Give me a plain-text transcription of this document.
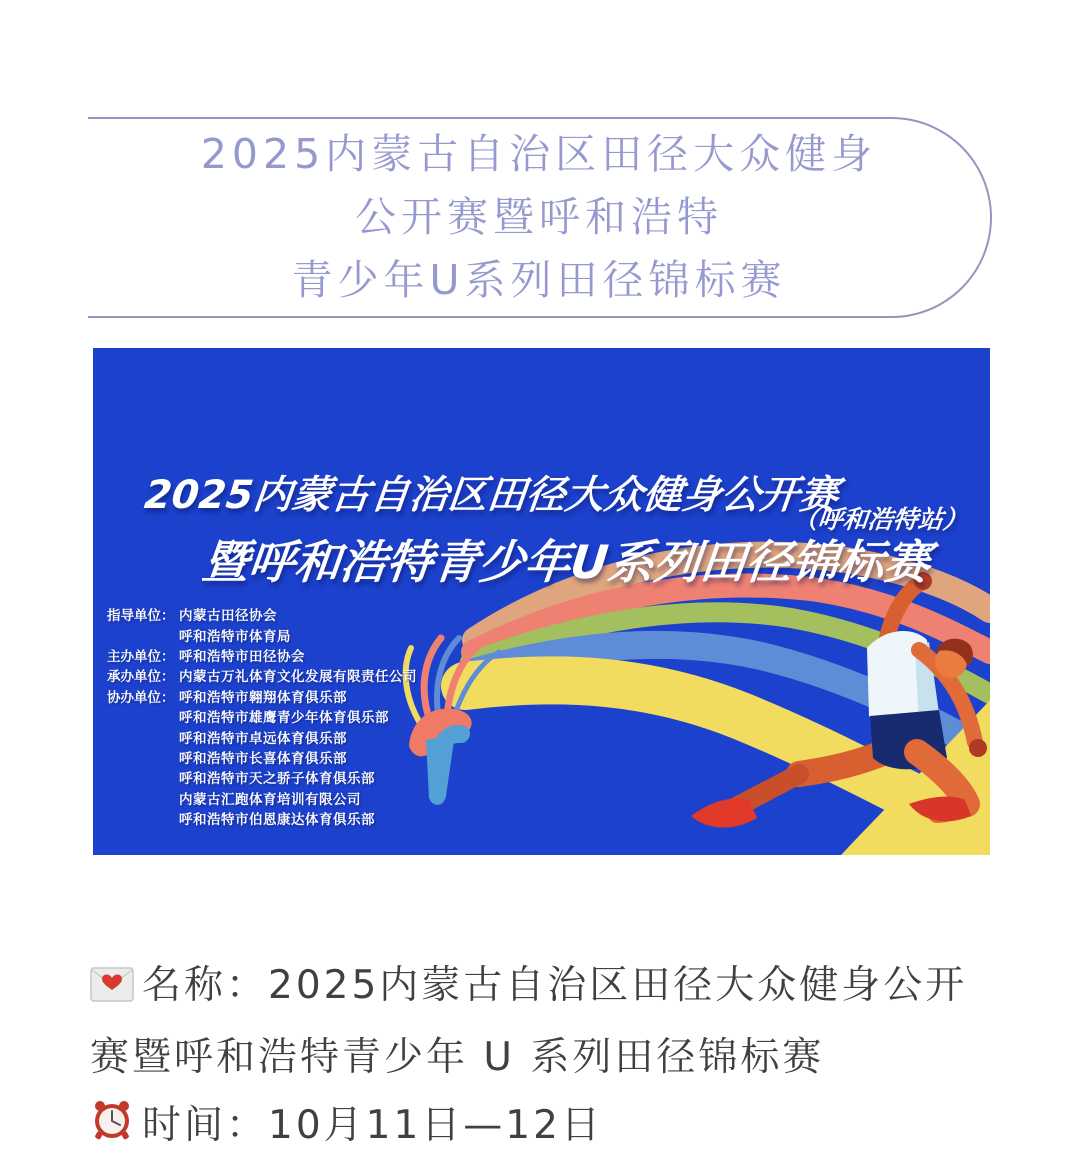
2025内蒙古自治区田径大众健身
公开赛暨呼和浩特
青少年U系列田径锦标赛
2025内蒙古自治区田径大众健身公开赛
（呼和浩特站）
暨呼和浩特青少年U系列田径锦标赛
指导单位： 内蒙古田径协会
呼和浩特市体育局
主办单位： 呼和浩特市田径协会
承办单位： 内蒙古万礼体育文化发展有限责任公司
协办单位： 呼和浩特市翱翔体育俱乐部
呼和浩特市雄鹰青少年体育俱乐部
呼和浩特市卓远体育俱乐部
呼和浩特市长喜体育俱乐部
呼和浩特市天之骄子体育俱乐部
内蒙古汇跑体育培训有限公司
呼和浩特市伯恩康达体育俱乐部

名称：2025内蒙古自治区田径大众健身公开赛暨呼和浩特青少年 U 系列田径锦标赛

时间：10月11日—12日
